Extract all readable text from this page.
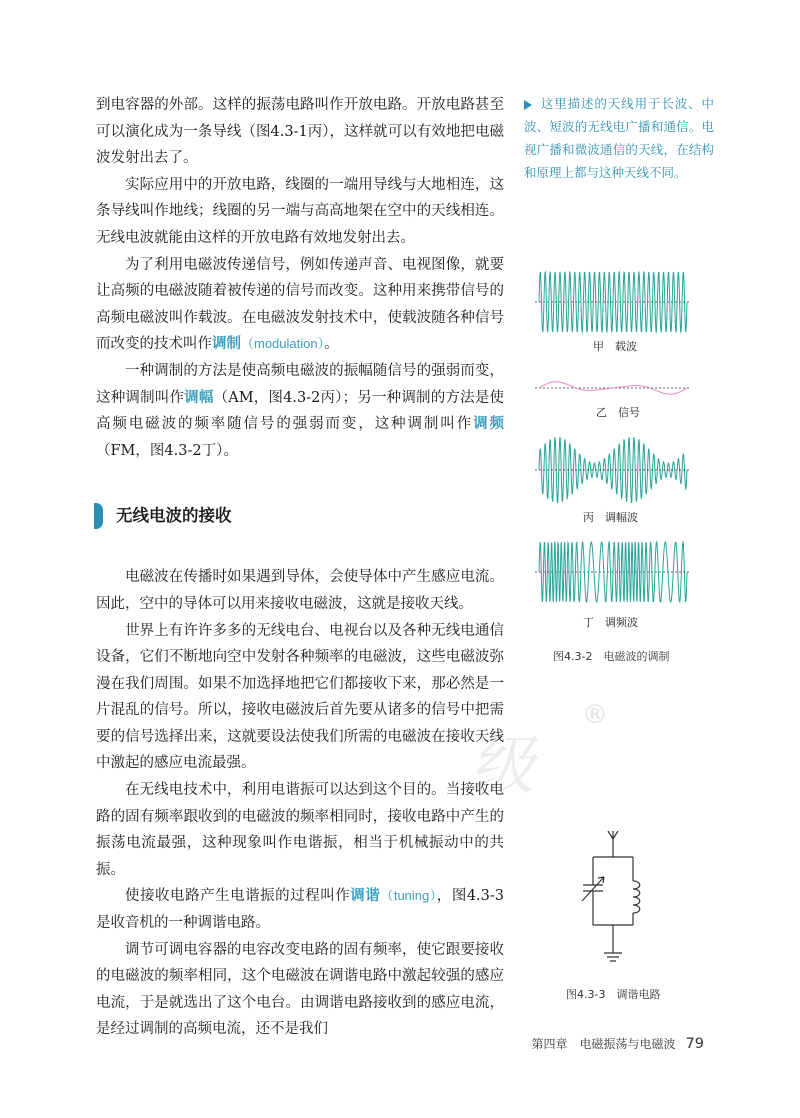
级
®

到电容器的外部。这样的振荡电路叫作开放电路。开放电路甚至可以演化成为一条导线（图4.3-1丙），这样就可以有效地把电磁波发射出去了。

实际应用中的开放电路，线圈的一端用导线与大地相连，这条导线叫作地线；线圈的另一端与高高地架在空中的天线相连。无线电波就能由这样的开放电路有效地发射出去。

为了利用电磁波传递信号，例如传递声音、电视图像，就要让高频的电磁波随着被传递的信号而改变。这种用来携带信号的高频电磁波叫作载波。在电磁波发射技术中，使载波随各种信号而改变的技术叫作调制（modulation）。

一种调制的方法是使高频电磁波的振幅随信号的强弱而变，这种调制叫作调幅（AM，图4.3-2丙）；另一种调制的方法是使高频电磁波的频率随信号的强弱而变，这种调制叫作调频（FM，图4.3-2丁）。

无线电波的接收

电磁波在传播时如果遇到导体，会使导体中产生感应电流。因此，空中的导体可以用来接收电磁波，这就是接收天线。

世界上有许许多多的无线电台、电视台以及各种无线电通信设备，它们不断地向空中发射各种频率的电磁波，这些电磁波弥漫在我们周围。如果不加选择地把它们都接收下来，那必然是一片混乱的信号。所以，接收电磁波后首先要从诸多的信号中把需要的信号选择出来，这就要设法使我们所需的电磁波在接收天线中激起的感应电流最强。

在无线电技术中，利用电谐振可以达到这个目的。当接收电路的固有频率跟收到的电磁波的频率相同时，接收电路中产生的振荡电流最强，这种现象叫作电谐振，相当于机械振动中的共振。

使接收电路产生电谐振的过程叫作调谐（tuning），图4.3-3是收音机的一种调谐电路。

调节可调电容器的电容改变电路的固有频率，使它跟要接收的电磁波的频率相同，这个电磁波在调谐电路中激起较强的感应电流，于是就选出了这个电台。由调谐电路接收到的感应电流，是经过调制的高频电流，还不是我们

这里描述的天线用于长波、中波、短波的无线电广播和通信。电视广播和微波通信的天线，在结构和原理上都与这种天线不同。
甲　载波
乙　信号
丙　调幅波
丁　调频波
图4.3-2　电磁波的调制
图4.3-3　调谐电路
第四章　电磁振荡与电磁波 79
